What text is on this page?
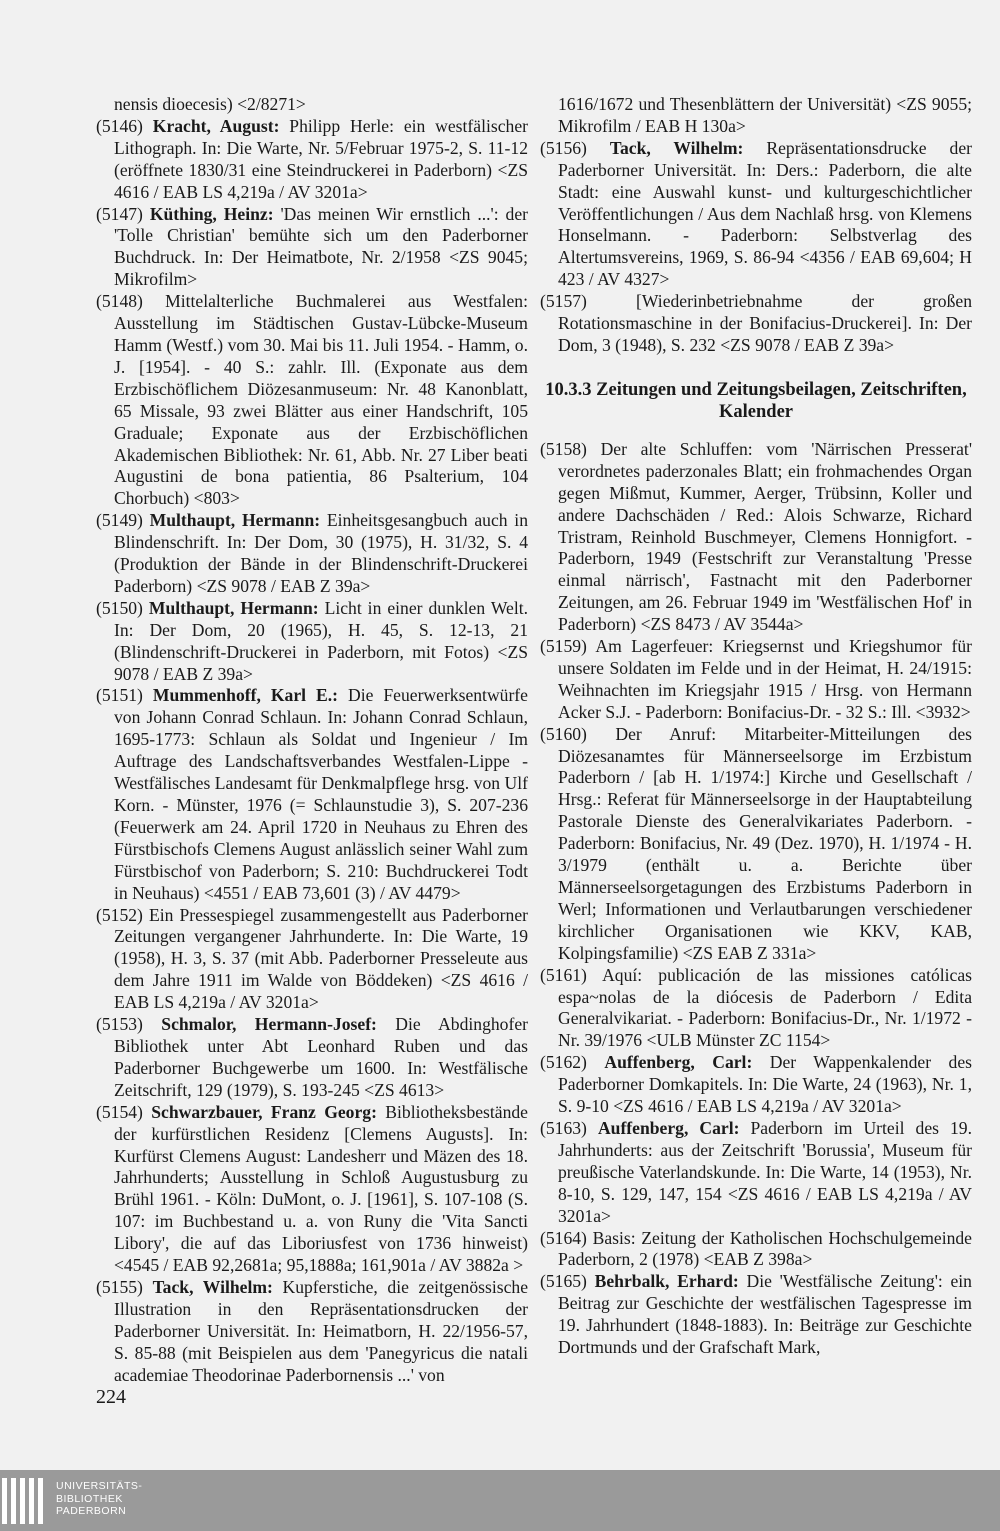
nensis dioecesis) <2/8271>

(5146) Kracht, August: Philipp Herle: ein westfälischer Lithograph. In: Die Warte, Nr. 5/Februar 1975-2, S. 11-12 (eröffnete 1830/31 eine Steindruckerei in Paderborn) <ZS 4616 / EAB LS 4,219a / AV 3201a>

(5147) Küthing, Heinz: 'Das meinen Wir ernstlich ...': der 'Tolle Christian' bemühte sich um den Paderborner Buchdruck. In: Der Heimatbote, Nr. 2/1958 <ZS 9045; Mikrofilm>

(5148) Mittelalterliche Buchmalerei aus Westfalen: Ausstellung im Städtischen Gustav-Lübcke-Museum Hamm (Westf.) vom 30. Mai bis 11. Juli 1954. - Hamm, o. J. [1954]. - 40 S.: zahlr. Ill. (Exponate aus dem Erzbischöflichem Diözesanmuseum: Nr. 48 Kanonblatt, 65 Missale, 93 zwei Blätter aus einer Handschrift, 105 Graduale; Exponate aus der Erzbischöflichen Akademischen Bibliothek: Nr. 61, Abb. Nr. 27 Liber beati Augustini de bona patientia, 86 Psalterium, 104 Chorbuch) <803>

(5149) Multhaupt, Hermann: Einheitsgesangbuch auch in Blindenschrift. In: Der Dom, 30 (1975), H. 31/32, S. 4 (Produktion der Bände in der Blindenschrift-Druckerei Paderborn) <ZS 9078 / EAB Z 39a>

(5150) Multhaupt, Hermann: Licht in einer dunklen Welt. In: Der Dom, 20 (1965), H. 45, S. 12-13, 21 (Blindenschrift-Druckerei in Paderborn, mit Fotos) <ZS 9078 / EAB Z 39a>

(5151) Mummenhoff, Karl E.: Die Feuerwerksentwürfe von Johann Conrad Schlaun. In: Johann Conrad Schlaun, 1695-1773: Schlaun als Soldat und Ingenieur / Im Auftrage des Landschaftsverbandes Westfalen-Lippe - Westfälisches Landesamt für Denkmalpflege hrsg. von Ulf Korn. - Münster, 1976 (= Schlaunstudie 3), S. 207-236 (Feuerwerk am 24. April 1720 in Neuhaus zu Ehren des Fürstbischofs Clemens August anlässlich seiner Wahl zum Fürstbischof von Paderborn; S. 210: Buchdruckerei Todt in Neuhaus) <4551 / EAB 73,601 (3) / AV 4479>

(5152) Ein Pressespiegel zusammengestellt aus Paderborner Zeitungen vergangener Jahrhunderte. In: Die Warte, 19 (1958), H. 3, S. 37 (mit Abb. Paderborner Presseleute aus dem Jahre 1911 im Walde von Böddeken) <ZS 4616 / EAB LS 4,219a / AV 3201a>

(5153) Schmalor, Hermann-Josef: Die Abdinghofer Bibliothek unter Abt Leonhard Ruben und das Paderborner Buchgewerbe um 1600. In: Westfälische Zeitschrift, 129 (1979), S. 193-245 <ZS 4613>

(5154) Schwarzbauer, Franz Georg: Bibliotheksbestände der kurfürstlichen Residenz [Clemens Augusts]. In: Kurfürst Clemens August: Landesherr und Mäzen des 18. Jahrhunderts; Ausstellung in Schloß Augustusburg zu Brühl 1961. - Köln: DuMont, o. J. [1961], S. 107-108 (S. 107: im Buchbestand u. a. von Runy die 'Vita Sancti Libory', die auf das Liboriusfest von 1736 hinweist) <4545 / EAB 92,2681a; 95,1888a; 161,901a / AV 3882a >

(5155) Tack, Wilhelm: Kupferstiche, die zeitgenössische Illustration in den Repräsentationsdrucken der Paderborner Universität. In: Heimatborn, H. 22/1956-57, S. 85-88 (mit Beispielen aus dem 'Panegyricus die natali academiae Theodorinae Paderbornensis ...' von

1616/1672 und Thesenblättern der Universität) <ZS 9055; Mikrofilm / EAB H 130a>

(5156) Tack, Wilhelm: Repräsentationsdrucke der Paderborner Universität. In: Ders.: Paderborn, die alte Stadt: eine Auswahl kunst- und kulturgeschichtlicher Veröffentlichungen / Aus dem Nachlaß hrsg. von Klemens Honselmann. - Paderborn: Selbstverlag des Altertumsvereins, 1969, S. 86-94 <4356 / EAB 69,604; H 423 / AV 4327>

(5157) [Wiederinbetriebnahme der großen Rotationsmaschine in der Bonifacius-Druckerei]. In: Der Dom, 3 (1948), S. 232 <ZS 9078 / EAB Z 39a>

10.3.3 Zeitungen und Zeitungsbeilagen, Zeitschriften, Kalender

(5158) Der alte Schluffen: vom 'Närrischen Presserat' verordnetes paderzonales Blatt; ein frohmachendes Organ gegen Mißmut, Kummer, Aerger, Trübsinn, Koller und andere Dachschäden / Red.: Alois Schwarze, Richard Tristram, Reinhold Buschmeyer, Clemens Honnigfort. - Paderborn, 1949 (Festschrift zur Veranstaltung 'Presse einmal närrisch', Fastnacht mit den Paderborner Zeitungen, am 26. Februar 1949 im 'Westfälischen Hof' in Paderborn) <ZS 8473 / AV 3544a>

(5159) Am Lagerfeuer: Kriegsernst und Kriegshumor für unsere Soldaten im Felde und in der Heimat, H. 24/1915: Weihnachten im Kriegsjahr 1915 / Hrsg. von Hermann Acker S.J. - Paderborn: Bonifacius-Dr. - 32 S.: Ill. <3932>

(5160) Der Anruf: Mitarbeiter-Mitteilungen des Diözesanamtes für Männerseelsorge im Erzbistum Paderborn / [ab H. 1/1974:] Kirche und Gesellschaft / Hrsg.: Referat für Männerseelsorge in der Hauptabteilung Pastorale Dienste des Generalvikariates Paderborn. - Paderborn: Bonifacius, Nr. 49 (Dez. 1970), H. 1/1974 - H. 3/1979 (enthält u. a. Berichte über Männerseelsorgetagungen des Erzbistums Paderborn in Werl; Informationen und Verlautbarungen verschiedener kirchlicher Organisationen wie KKV, KAB, Kolpingsfamilie) <ZS EAB Z 331a>

(5161) Aquí: publicación de las missiones católicas espa~nolas de la diócesis de Paderborn / Edita Generalvikariat. - Paderborn: Bonifacius-Dr., Nr. 1/1972 - Nr. 39/1976 <ULB Münster ZC 1154>

(5162) Auffenberg, Carl: Der Wappenkalender des Paderborner Domkapitels. In: Die Warte, 24 (1963), Nr. 1, S. 9-10 <ZS 4616 / EAB LS 4,219a / AV 3201a>

(5163) Auffenberg, Carl: Paderborn im Urteil des 19. Jahrhunderts: aus der Zeitschrift 'Borussia', Museum für preußische Vaterlandskunde. In: Die Warte, 14 (1953), Nr. 8-10, S. 129, 147, 154 <ZS 4616 / EAB LS 4,219a / AV 3201a>

(5164) Basis: Zeitung der Katholischen Hochschulgemeinde Paderborn, 2 (1978) <EAB Z 398a>

(5165) Behrbalk, Erhard: Die 'Westfälische Zeitung': ein Beitrag zur Geschichte der westfälischen Tagespresse im 19. Jahrhundert (1848-1883). In: Beiträge zur Geschichte Dortmunds und der Grafschaft Mark,

224
UNIVERSITÄTS-
BIBLIOTHEK
PADERBORN
